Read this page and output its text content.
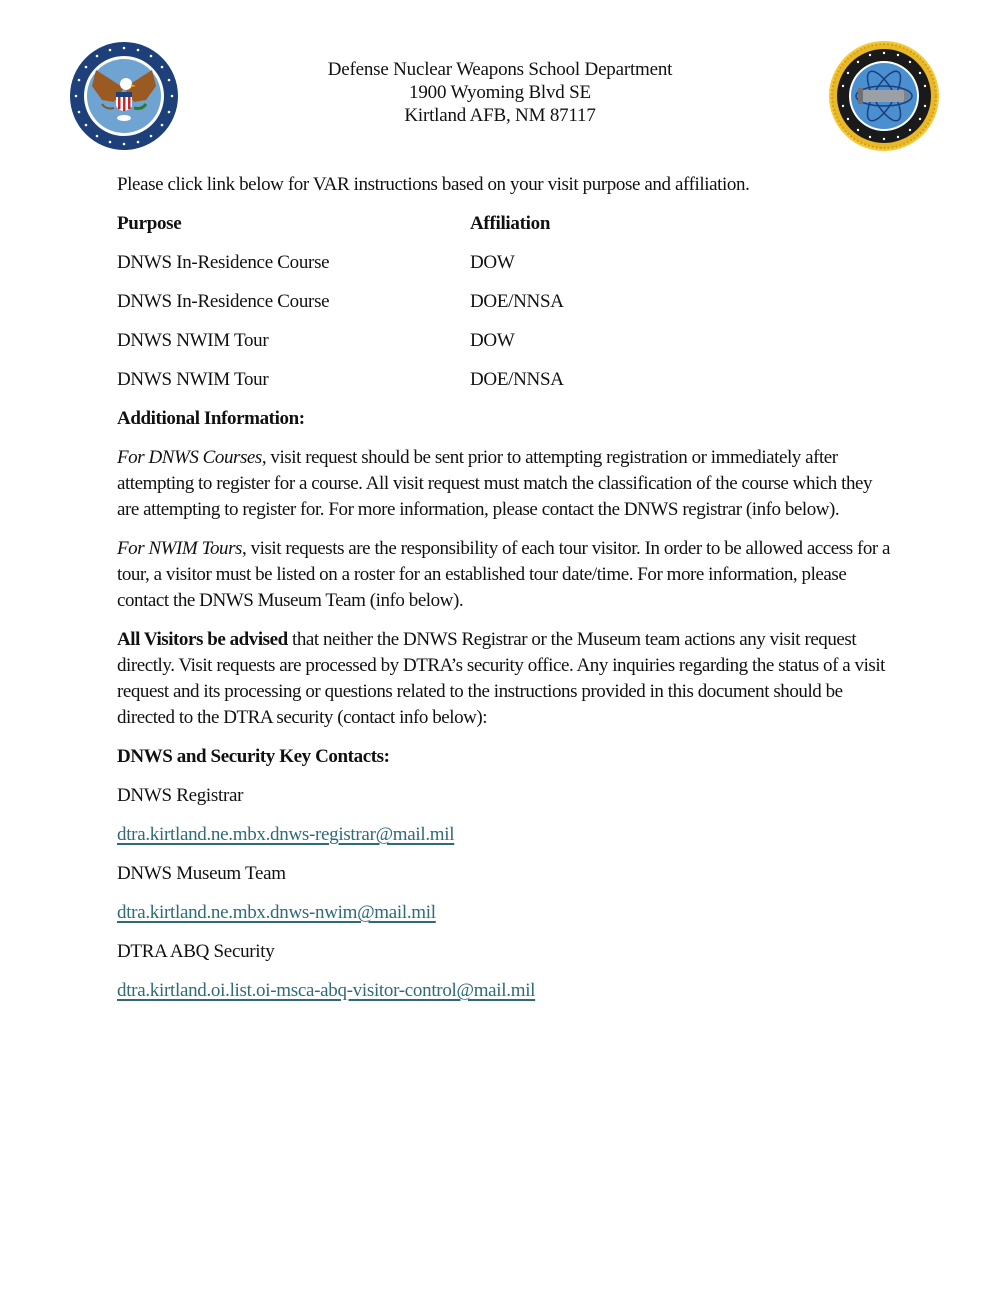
Defense Nuclear Weapons School Department
1900 Wyoming Blvd SE
Kirtland AFB, NM 87117

Please click link below for VAR instructions based on your visit purpose and affiliation.

Purpose	Affiliation
DNWS In-Residence Course	DOW
DNWS In-Residence Course	DOE/NNSA
DNWS NWIM Tour	DOW
DNWS NWIM Tour	DOE/NNSA

Additional Information:

For DNWS Courses, visit request should be sent prior to attempting registration or immediately after attempting to register for a course. All visit request must match the classification of the course which they are attempting to register for. For more information, please contact the DNWS registrar (info below).

For NWIM Tours, visit requests are the responsibility of each tour visitor. In order to be allowed access for a tour, a visitor must be listed on a roster for an established tour date/time. For more information, please contact the DNWS Museum Team (info below).

All Visitors be advised that neither the DNWS Registrar or the Museum team actions any visit request directly. Visit requests are processed by DTRA’s security office. Any inquiries regarding the status of a visit request and its processing or questions related to the instructions provided in this document should be directed to the DTRA security (contact info below):

DNWS and Security Key Contacts:

DNWS Registrar

dtra.kirtland.ne.mbx.dnws-registrar@mail.mil

DNWS Museum Team

dtra.kirtland.ne.mbx.dnws-nwim@mail.mil

DTRA ABQ Security

dtra.kirtland.oi.list.oi-msca-abq-visitor-control@mail.mil
